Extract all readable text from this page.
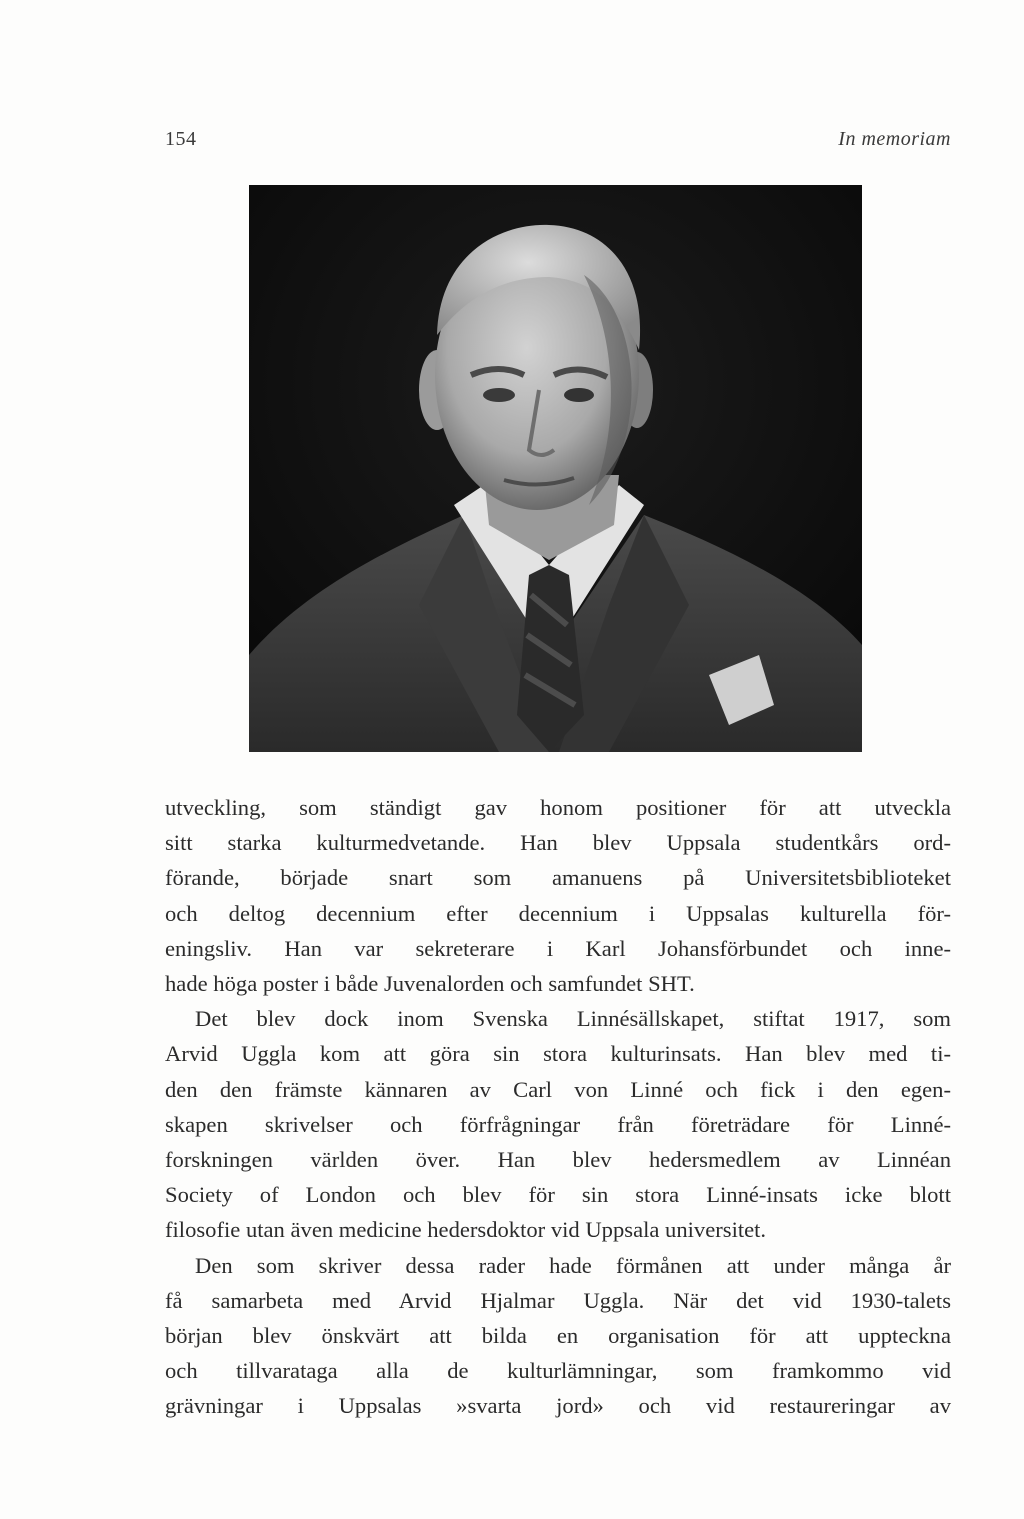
154	In memoriam

utveckling, som ständigt gav honom positioner för att utveckla

sitt starka kulturmedvetande. Han blev Uppsala studentkårs ord-

förande, började snart som amanuens på Universitetsbiblioteket

och deltog decennium efter decennium i Uppsalas kulturella för-

eningsliv. Han var sekreterare i Karl Johansförbundet och inne-

hade höga poster i både Juvenalorden och samfundet SHT.

Det blev dock inom Svenska Linnésällskapet, stiftat 1917, som

Arvid Uggla kom att göra sin stora kulturinsats. Han blev med ti-

den den främste kännaren av Carl von Linné och fick i den egen-

skapen skrivelser och förfrågningar från företrädare för Linné-

forskningen världen över. Han blev hedersmedlem av Linnéan

Society of London och blev för sin stora Linné-insats icke blott

filosofie utan även medicine hedersdoktor vid Uppsala universitet.

Den som skriver dessa rader hade förmånen att under många år

få samarbeta med Arvid Hjalmar Uggla. När det vid 1930-talets

början blev önskvärt att bilda en organisation för att uppteckna

och tillvaratagа alla de kulturlämningar, som framkommo vid

grävningar i Uppsalas »svarta jord» och vid restaureringar av
